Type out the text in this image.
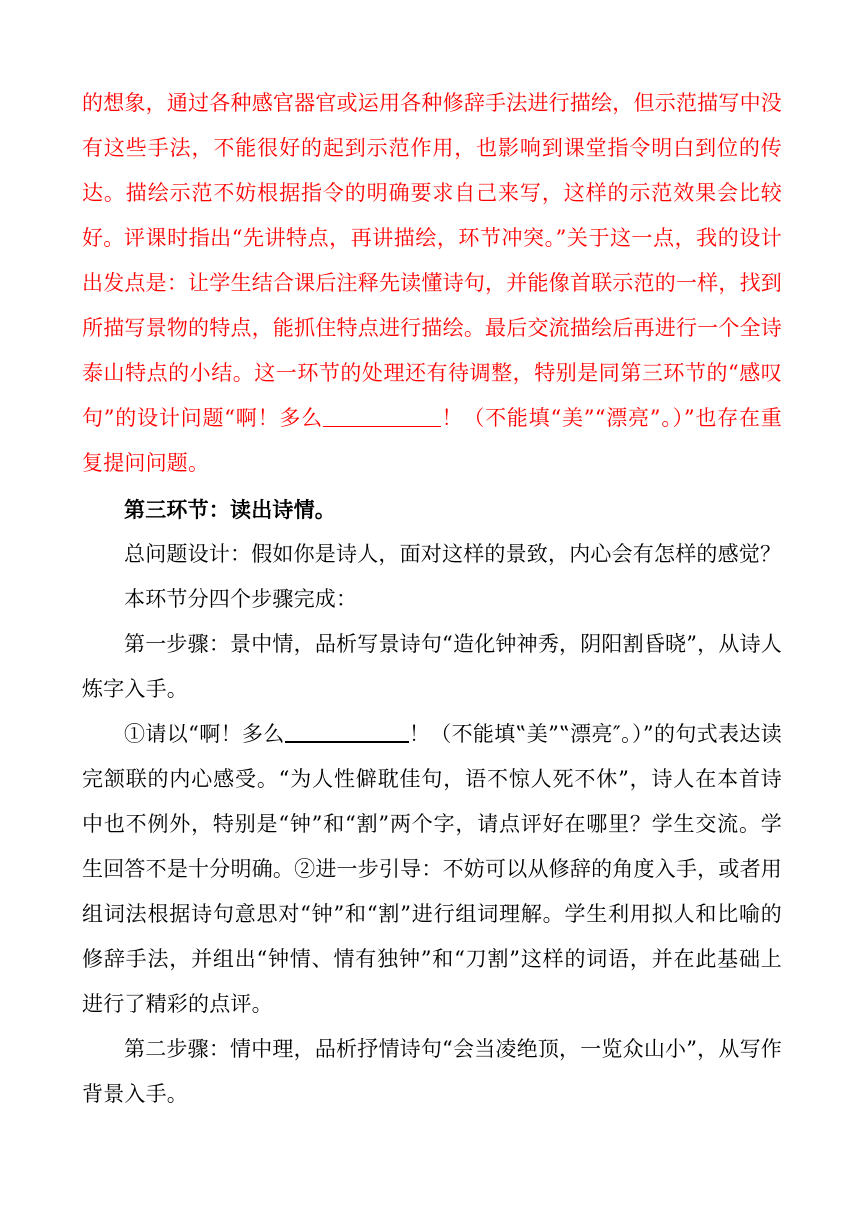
的想象，通过各种感官器官或运用各种修辞手法进行描绘，但示范描写中没有这些手法，不能很好的起到示范作用，也影响到课堂指令明白到位的传达。描绘示范不妨根据指令的明确要求自己来写，这样的示范效果会比较好。 评课时指出“先讲特点，再讲描绘，环节冲突。”关于这一点，我的设计出发点是：让学生结合课后注释先读懂诗句，并能像首联示范的一样，找到所描写景物的特点，能抓住特点进行描绘。最后交流描绘后再进行一个全诗泰山特点的小结。这一环节的处理还有待调整，特别是同第三环节的“感叹句”的设计问题“啊！多么	！（不能填“美”“漂亮”。）”也存在重复提问问题。

第三环节：读出诗情。

总问题设计：假如你是诗人，面对这样的景致，内心会有怎样的感觉？

本环节分四个步骤完成：

第一步骤：景中情，品析写景诗句“造化钟神秀，阴阳割昏晓”，从诗人炼字入手。

①请以“啊！多么	！（不能填‟美”‟漂亮″。）”的句式表达读完颔联的内心感受。“为人性僻耽佳句，语不惊人死不休”，诗人在本首诗中也不例外，特别是“钟”和“割”两个字，请点评好在哪里？学生交流。学生回答不是十分明确。②进一步引导：不妨可以从修辞的角度入手，或者用组词法根据诗句意思对“钟”和“割”进行组词理解。学生利用拟人和比喻的修辞手法，并组出“钟情、情有独钟”和“刀割”这样的词语，并在此基础上进行了精彩的点评。

第二步骤：情中理，品析抒情诗句“会当凌绝顶，一览众山小”，从写作背景入手。
